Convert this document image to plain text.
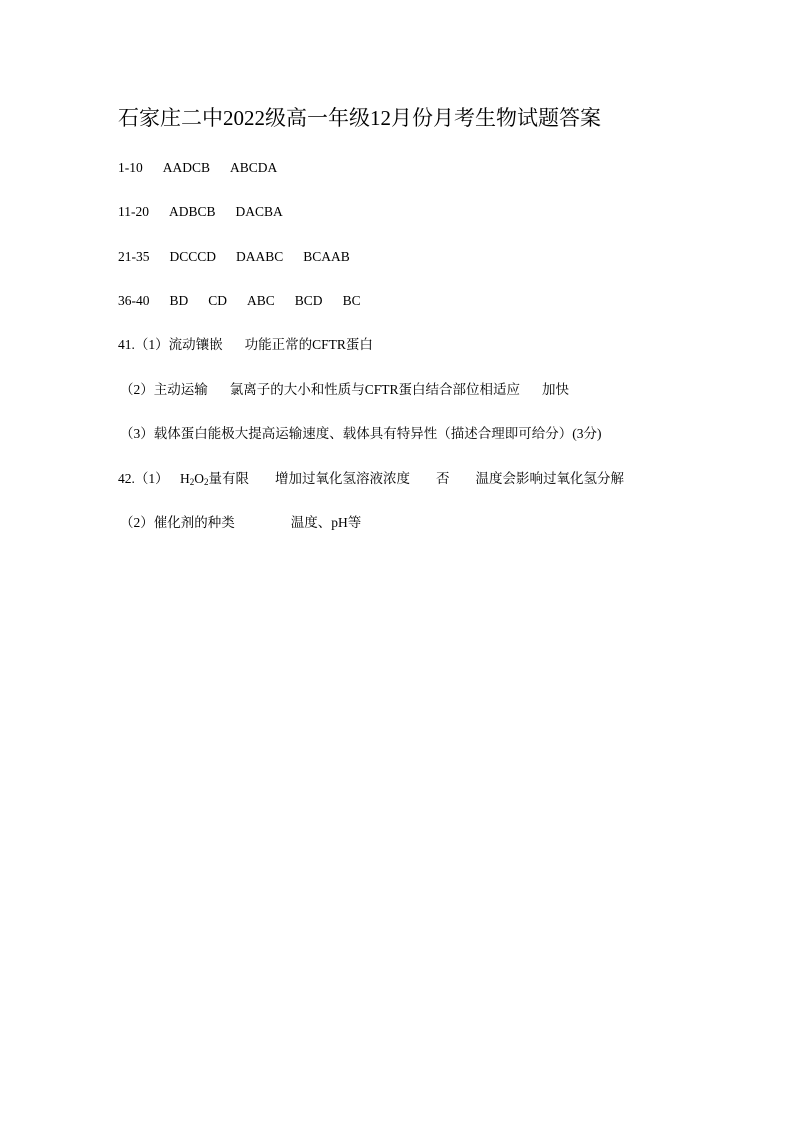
石家庄二中2022级高一年级12月份月考生物试题答案
1-10 AADCB ABCDA
11-20 ADBCB DACBA
21-35 DCCCD DAABC BCAAB
36-40 BD CD ABC BCD BC
41.（1）流动镶嵌 功能正常的CFTR蛋白
（2）主动运输 氯离子的大小和性质与CFTR蛋白结合部位相适应 加快
（3）载体蛋白能极大提高运输速度、载体具有特异性（描述合理即可给分）(3分)
42.（1） $H_2O_2$量有限 增加过氧化氢溶液浓度 否 温度会影响过氧化氢分解
（2）催化剂的种类	温度、pH等
